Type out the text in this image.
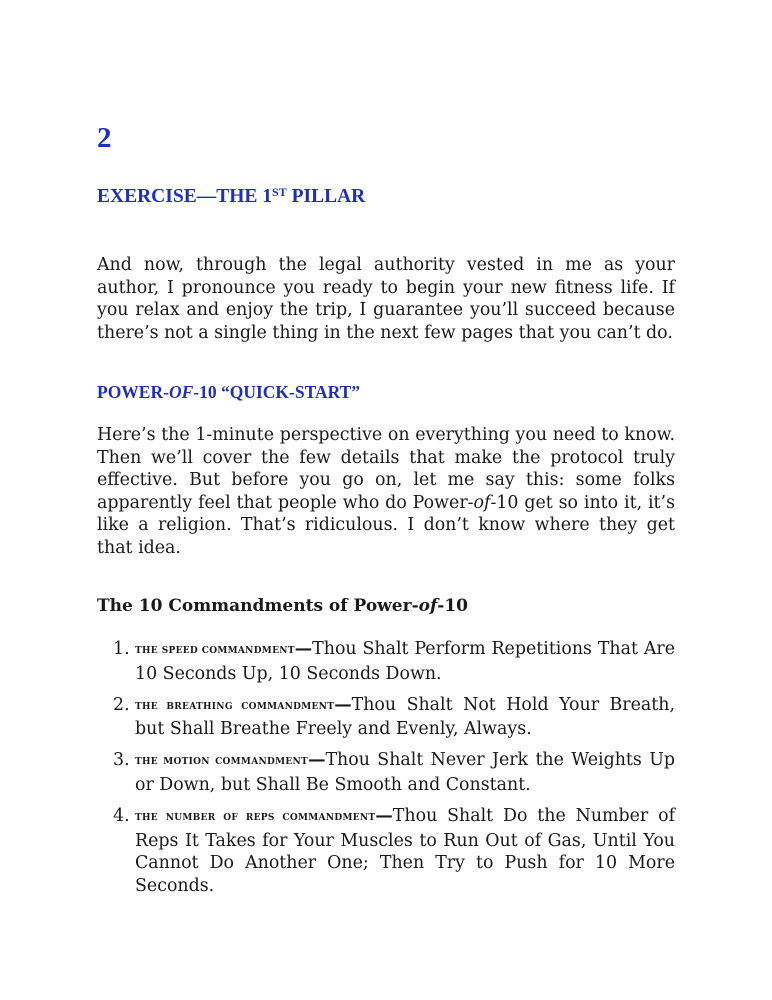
2
EXERCISE—THE 1ST PILLAR

And now, through the legal authority vested in me as your author, I pronounce you ready to begin your new fitness life. If you relax and enjoy the trip, I guarantee you’ll succeed because there’s not a single thing in the next few pages that you can’t do.

POWER-OF-10 “QUICK-START”

Here’s the 1-minute perspective on everything you need to know. Then we’ll cover the few details that make the protocol truly effective. But before you go on, let me say this: some folks apparently feel that people who do Power-of-10 get so into it, it’s like a religion. That’s ridiculous. I don’t know where they get that idea.

The 10 Commandments of Power-of-10
1. THE SPEED COMMANDMENT—Thou Shalt Perform Repetitions That Are 10 Seconds Up, 10 Seconds Down.
2. THE BREATHING COMMANDMENT—Thou Shalt Not Hold Your Breath, but Shall Breathe Freely and Evenly, Always.
3. THE MOTION COMMANDMENT—Thou Shalt Never Jerk the Weights Up or Down, but Shall Be Smooth and Constant.
4. THE NUMBER OF REPS COMMANDMENT—Thou Shalt Do the Number of Reps It Takes for Your Muscles to Run Out of Gas, Until You Cannot Do Another One; Then Try to Push for 10 More Seconds.
